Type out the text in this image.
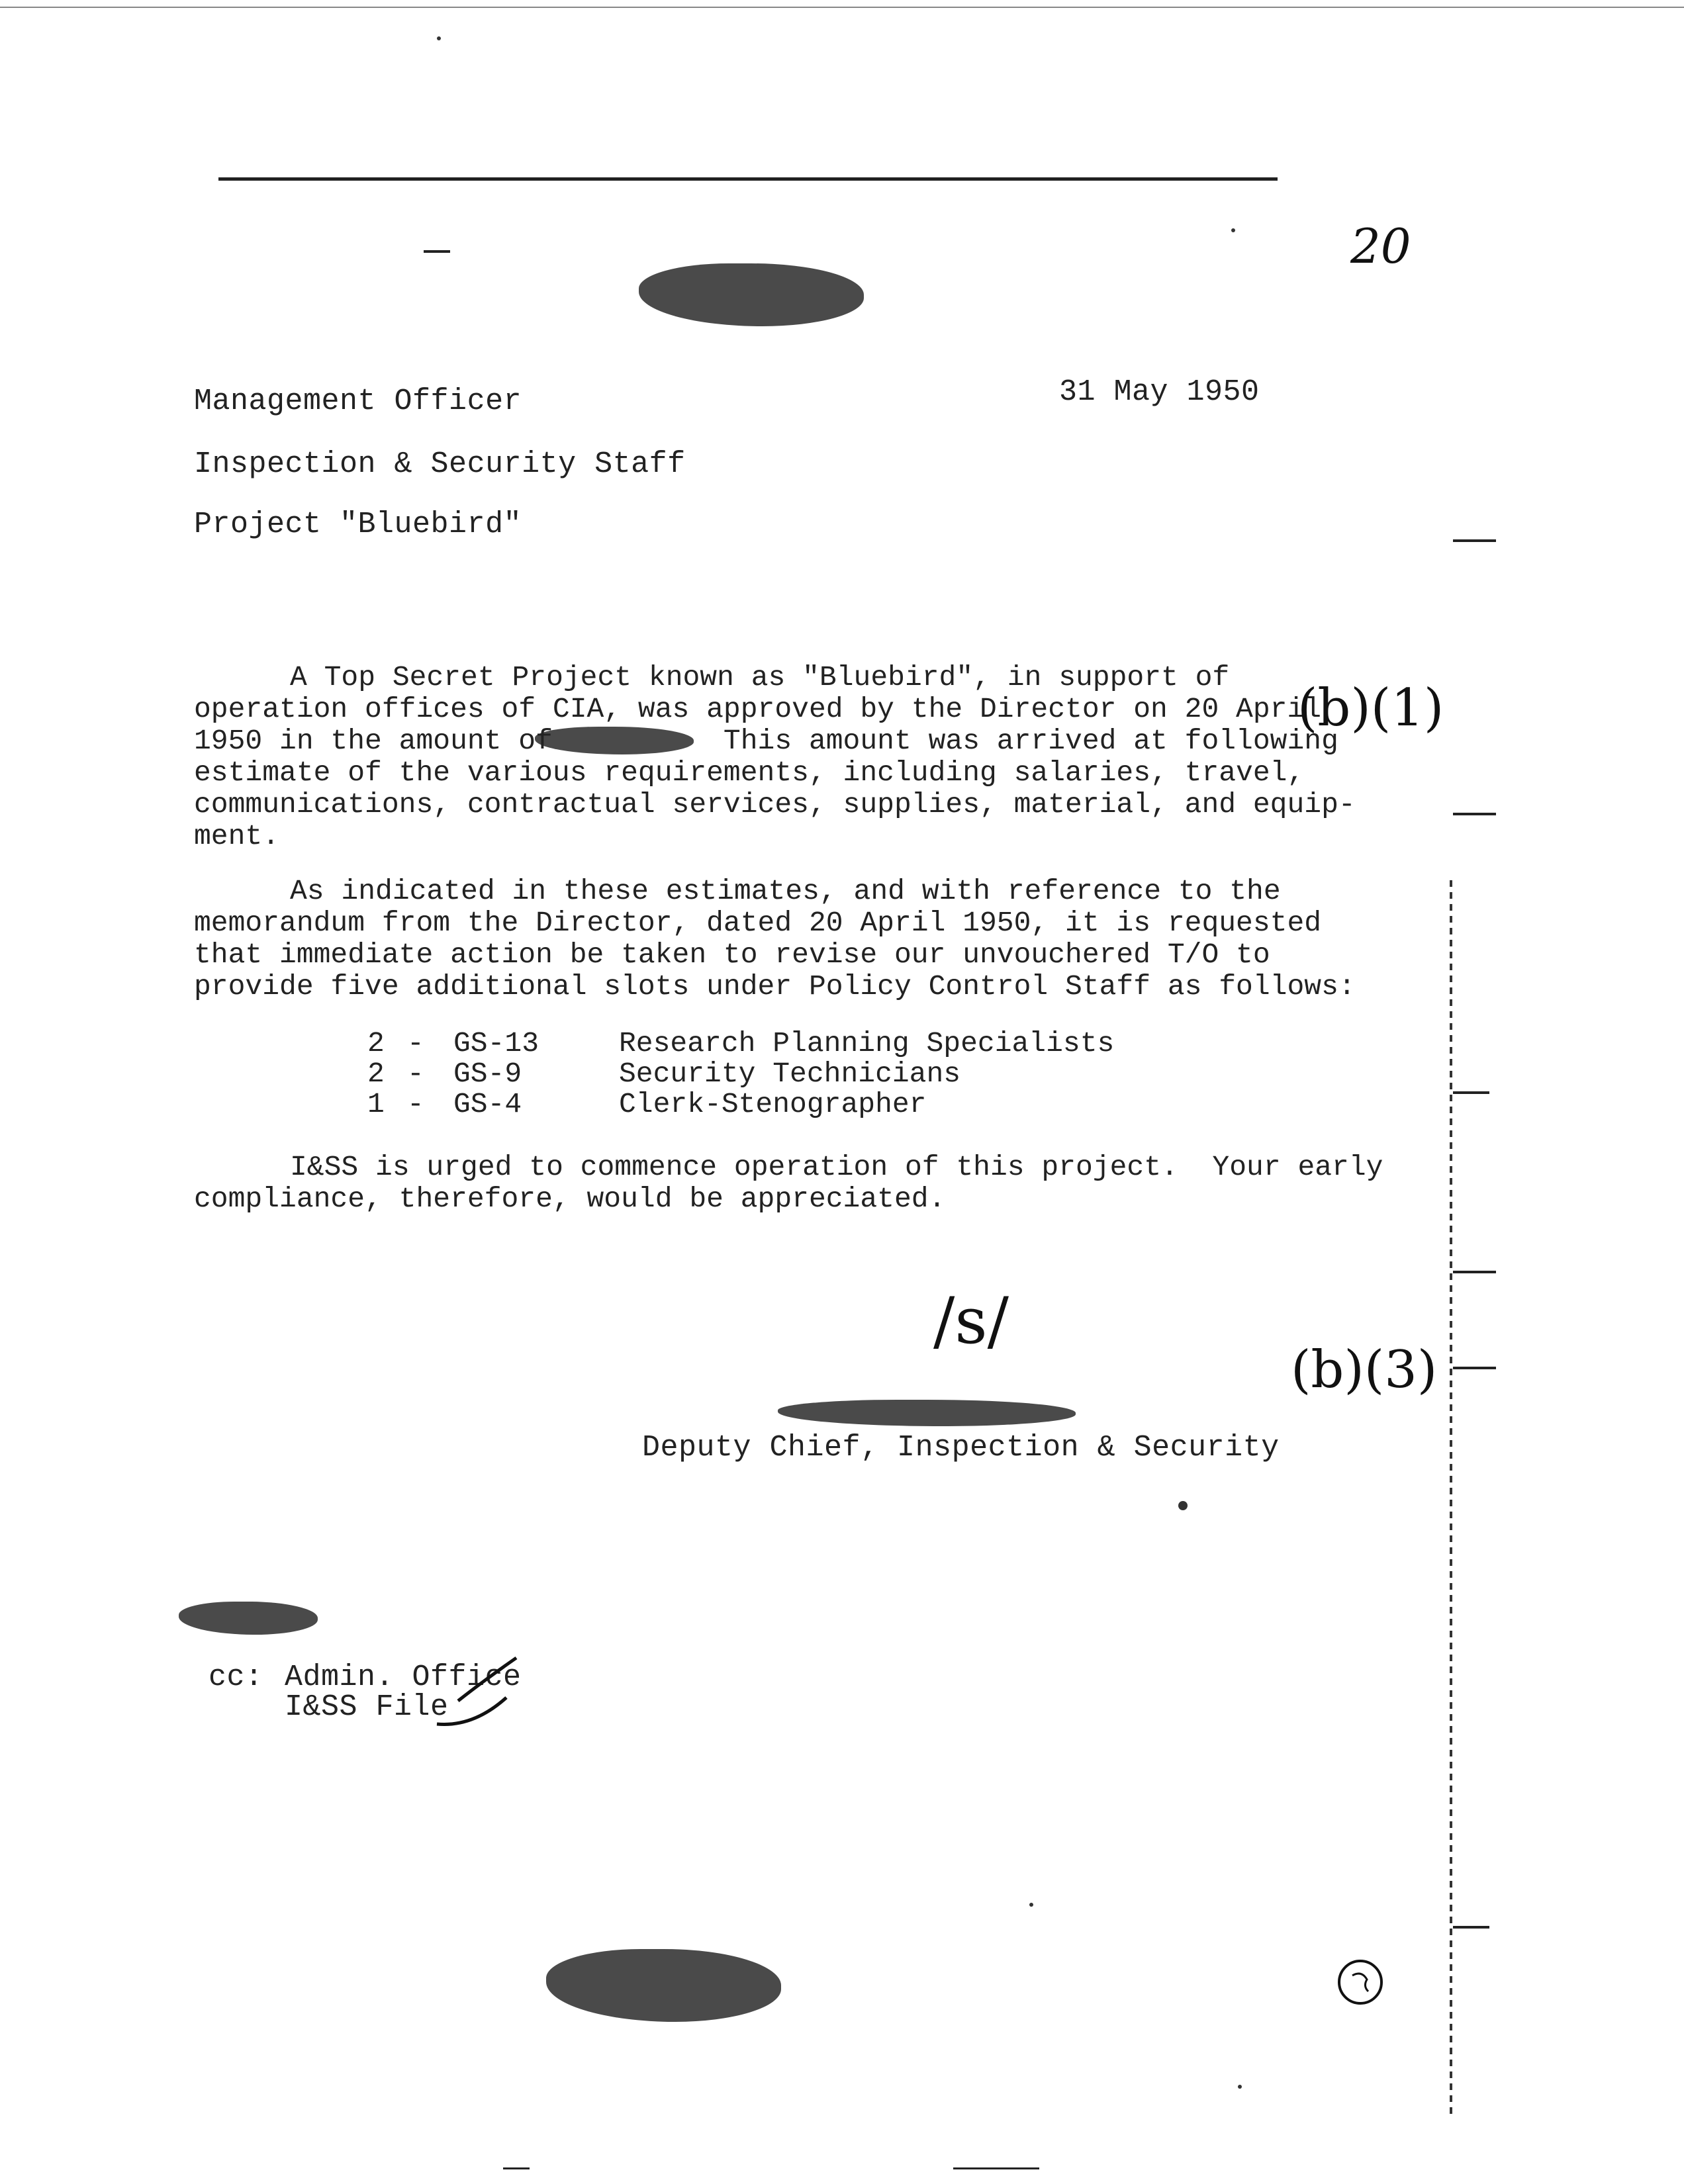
20
Management Officer
Inspection & Security Staff
Project "Bluebird"
31 May 1950
A Top Secret Project known as "Bluebird", in support of
operation offices of CIA, was approved by the Director on 20 April
1950 in the amount of          This amount was arrived at following
estimate of the various requirements, including salaries, travel,
communications, contractual services, supplies, material, and equip-
ment.
As indicated in these estimates, and with reference to the
memorandum from the Director, dated 20 April 1950, it is requested
that immediate action be taken to revise our unvouchered T/O to
provide five additional slots under Policy Control Staff as follows:
2 -	GS-13	Research Planning Specialists
2 -	GS-9	Security Technicians
1 -	GS-4	Clerk-Stenographer
I&SS is urged to commence operation of this project.  Your early
compliance, therefore, would be appreciated.
/s/
Deputy Chief, Inspection & Security
(b)(1)
(b)(3)
cc: Admin. Office
I&SS File
